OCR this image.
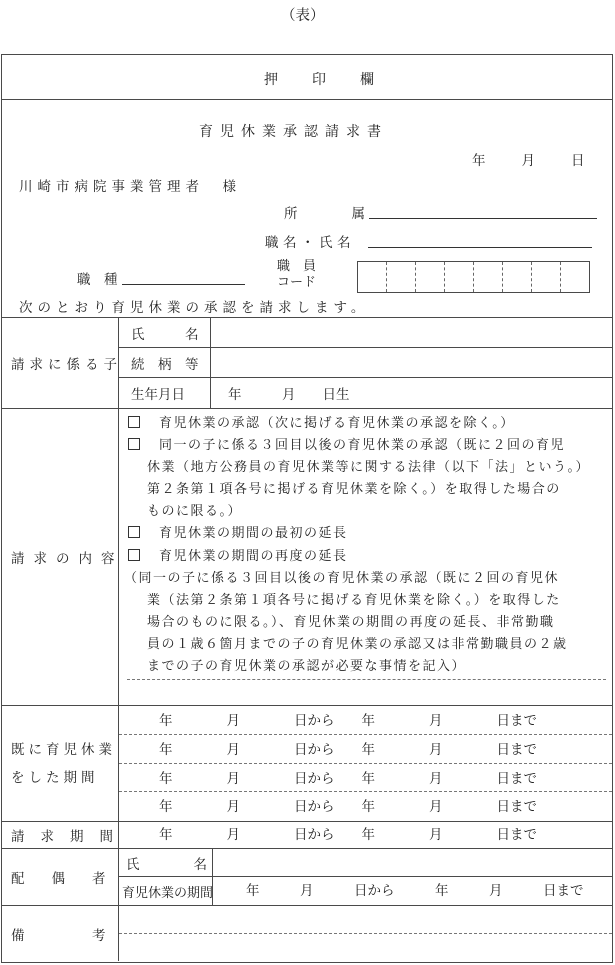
（表）
押　　印　　欄
育児休業承認請求書
年	月	日
川崎市病院事業管理者　様
所　　　　属
職名・氏名
職　種
職　員
コード
次のとおり育児休業の承認を請求します。
請求に係る子
氏　　　名
続　柄　等
生年月日	年　　　月　　日生
請求の内容
育児休業の承認（次に掲げる育児休業の承認を除く。）
同一の子に係る３回目以後の育児休業の承認（既に２回の育児
休業（地方公務員の育児休業等に関する法律（以下「法」という。）
第２条第１項各号に掲げる育児休業を除く。）を取得した場合の
ものに限る。）
育児休業の期間の最初の延長
育児休業の期間の再度の延長
（同一の子に係る３回目以後の育児休業の承認（既に２回の育児休
業（法第２条第１項各号に掲げる育児休業を除く。）を取得した
場合のものに限る。）、育児休業の期間の再度の延長、非常勤職
員の１歳６箇月までの子の育児休業の承認又は非常勤職員の２歳
までの子の育児休業の承認が必要な事情を記入）
既に育児休業
をした期間
年　　　　月　　　　日から　　年　　　　月　　　　日まで
年　　　　月　　　　日から　　年　　　　月　　　　日まで
年　　　　月　　　　日から　　年　　　　月　　　　日まで
年　　　　月　　　　日から　　年　　　　月　　　　日まで
請求期間	年　　　　月　　　　日から　　年　　　　月　　　　日まで
配　　偶　　者
氏　　　　名
育児休業の期間	年　　　月　　　日から　　　年　　　月　　　日まで
備　　　　　考
